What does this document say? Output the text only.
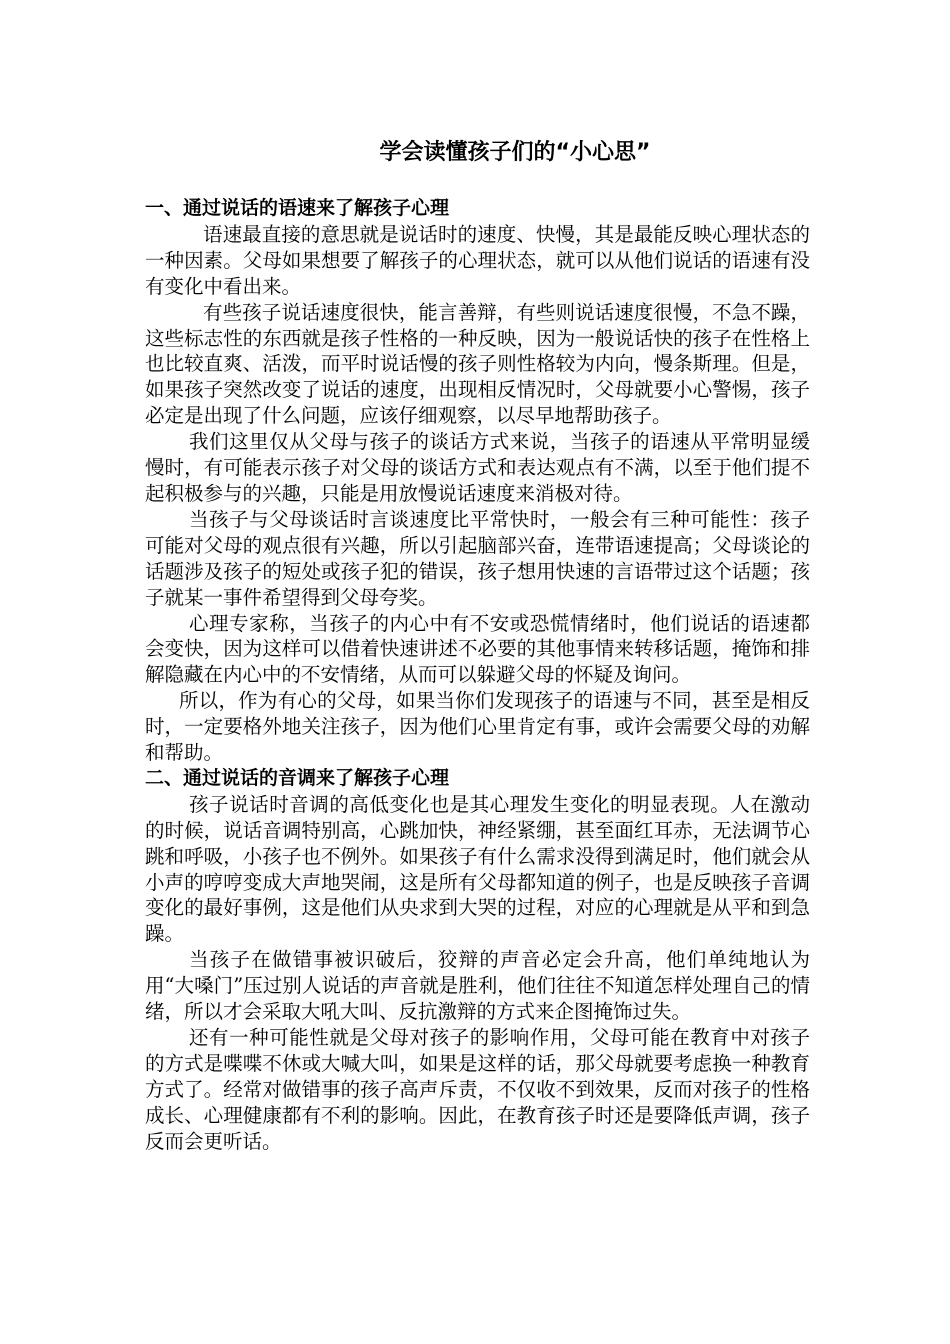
学会读懂孩子们的“小心思”
一、通过说话的语速来了解孩子心理

语速最直接的意思就是说话时的速度、快慢，其是最能反映心理状态的一种因素。父母如果想要了解孩子的心理状态，就可以从他们说话的语速有没有变化中看出来。

有些孩子说话速度很快，能言善辩，有些则说话速度很慢，不急不躁，这些标志性的东西就是孩子性格的一种反映，因为一般说话快的孩子在性格上也比较直爽、活泼，而平时说话慢的孩子则性格较为内向，慢条斯理。但是，如果孩子突然改变了说话的速度，出现相反情况时，父母就要小心警惕，孩子必定是出现了什么问题，应该仔细观察，以尽早地帮助孩子。

我们这里仅从父母与孩子的谈话方式来说，当孩子的语速从平常明显缓慢时，有可能表示孩子对父母的谈话方式和表达观点有不满，以至于他们提不起积极参与的兴趣，只能是用放慢说话速度来消极对待。

当孩子与父母谈话时言谈速度比平常快时，一般会有三种可能性：孩子可能对父母的观点很有兴趣，所以引起脑部兴奋，连带语速提高；父母谈论的话题涉及孩子的短处或孩子犯的错误，孩子想用快速的言语带过这个话题；孩子就某一事件希望得到父母夸奖。

心理专家称，当孩子的内心中有不安或恐慌情绪时，他们说话的语速都会变快，因为这样可以借着快速讲述不必要的其他事情来转移话题，掩饰和排解隐藏在内心中的不安情绪，从而可以躲避父母的怀疑及询问。

所以，作为有心的父母，如果当你们发现孩子的语速与不同，甚至是相反时，一定要格外地关注孩子，因为他们心里肯定有事，或许会需要父母的劝解和帮助。

二、通过说话的音调来了解孩子心理

孩子说话时音调的高低变化也是其心理发生变化的明显表现。人在激动的时候，说话音调特别高，心跳加快，神经紧绷，甚至面红耳赤，无法调节心跳和呼吸，小孩子也不例外。如果孩子有什么需求没得到满足时，他们就会从小声的哼哼变成大声地哭闹，这是所有父母都知道的例子，也是反映孩子音调变化的最好事例，这是他们从央求到大哭的过程，对应的心理就是从平和到急躁。

当孩子在做错事被识破后，狡辩的声音必定会升高，他们单纯地认为用“大嗓门”压过别人说话的声音就是胜利，他们往往不知道怎样处理自己的情绪，所以才会采取大吼大叫、反抗激辩的方式来企图掩饰过失。

还有一种可能性就是父母对孩子的影响作用，父母可能在教育中对孩子的方式是喋喋不休或大喊大叫，如果是这样的话，那父母就要考虑换一种教育方式了。经常对做错事的孩子高声斥责，不仅收不到效果，反而对孩子的性格成长、心理健康都有不利的影响。因此，在教育孩子时还是要降低声调，孩子反而会更听话。
